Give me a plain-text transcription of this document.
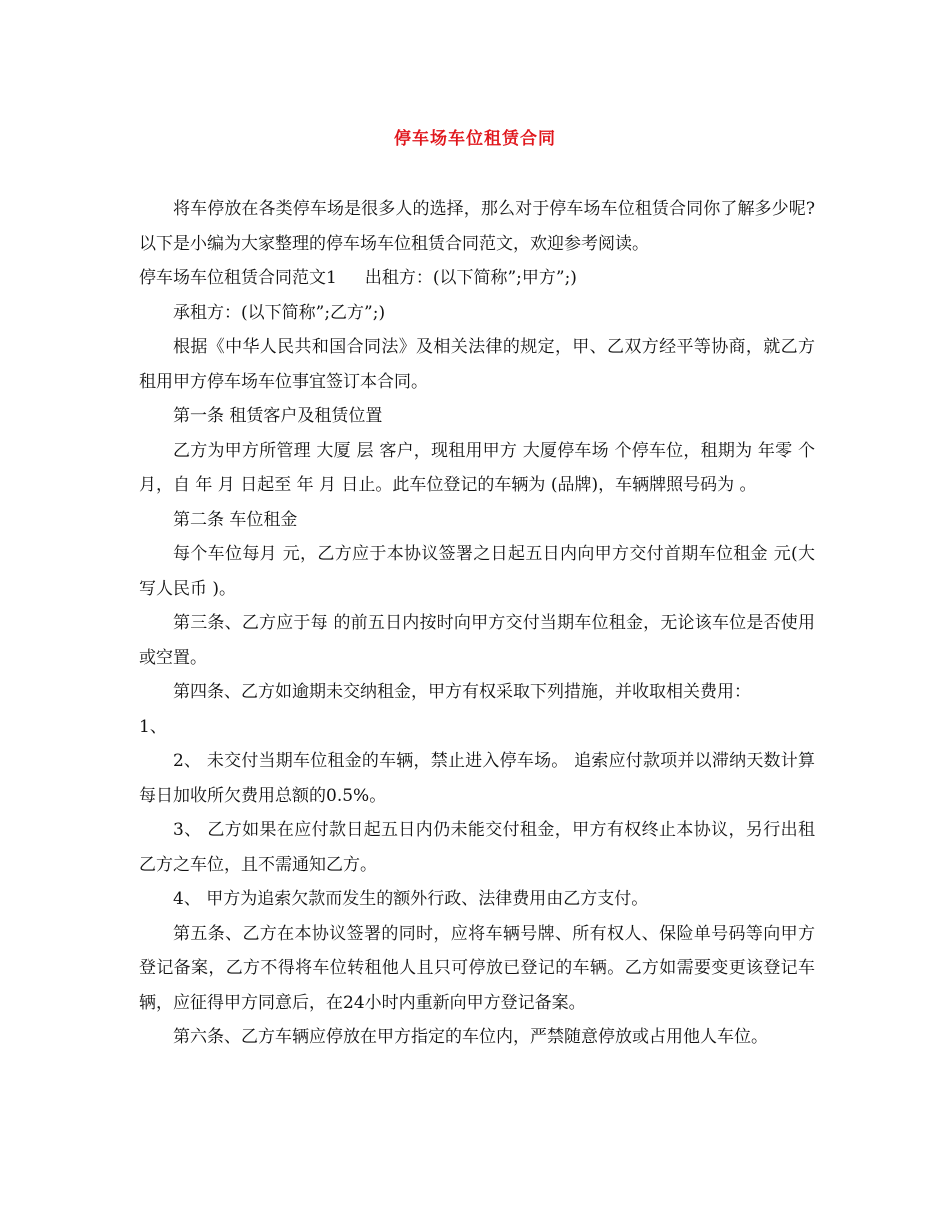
停车场车位租赁合同

将车停放在各类停车场是很多人的选择，那么对于停车场车位租赁合同你了解多少呢?以下是小编为大家整理的停车场车位租赁合同范文，欢迎参考阅读。

停车场车位租赁合同范文1 出租方：(以下简称”;甲方”;)

承租方：(以下简称”;乙方”;)

根据《中华人民共和国合同法》及相关法律的规定，甲、乙双方经平等协商，就乙方租用甲方停车场车位事宜签订本合同。

第一条 租赁客户及租赁位置

乙方为甲方所管理 大厦 层 客户，现租用甲方 大厦停车场 个停车位，租期为 年零 个月，自 年 月 日起至 年 月 日止。此车位登记的车辆为 (品牌)，车辆牌照号码为 。

第二条 车位租金

每个车位每月 元，乙方应于本协议签署之日起五日内向甲方交付首期车位租金 元(大写人民币 )。

第三条、乙方应于每 的前五日内按时向甲方交付当期车位租金，无论该车位是否使用或空置。

第四条、乙方如逾期未交纳租金，甲方有权采取下列措施，并收取相关费用：

1、

2、 未交付当期车位租金的车辆，禁止进入停车场。 追索应付款项并以滞纳天数计算每日加收所欠费用总额的0.5%。

3、 乙方如果在应付款日起五日内仍未能交付租金，甲方有权终止本协议，另行出租乙方之车位，且不需通知乙方。

4、 甲方为追索欠款而发生的额外行政、法律费用由乙方支付。

第五条、乙方在本协议签署的同时，应将车辆号牌、所有权人、保险单号码等向甲方登记备案，乙方不得将车位转租他人且只可停放已登记的车辆。乙方如需要变更该登记车辆，应征得甲方同意后，在24小时内重新向甲方登记备案。

第六条、乙方车辆应停放在甲方指定的车位内，严禁随意停放或占用他人车位。
